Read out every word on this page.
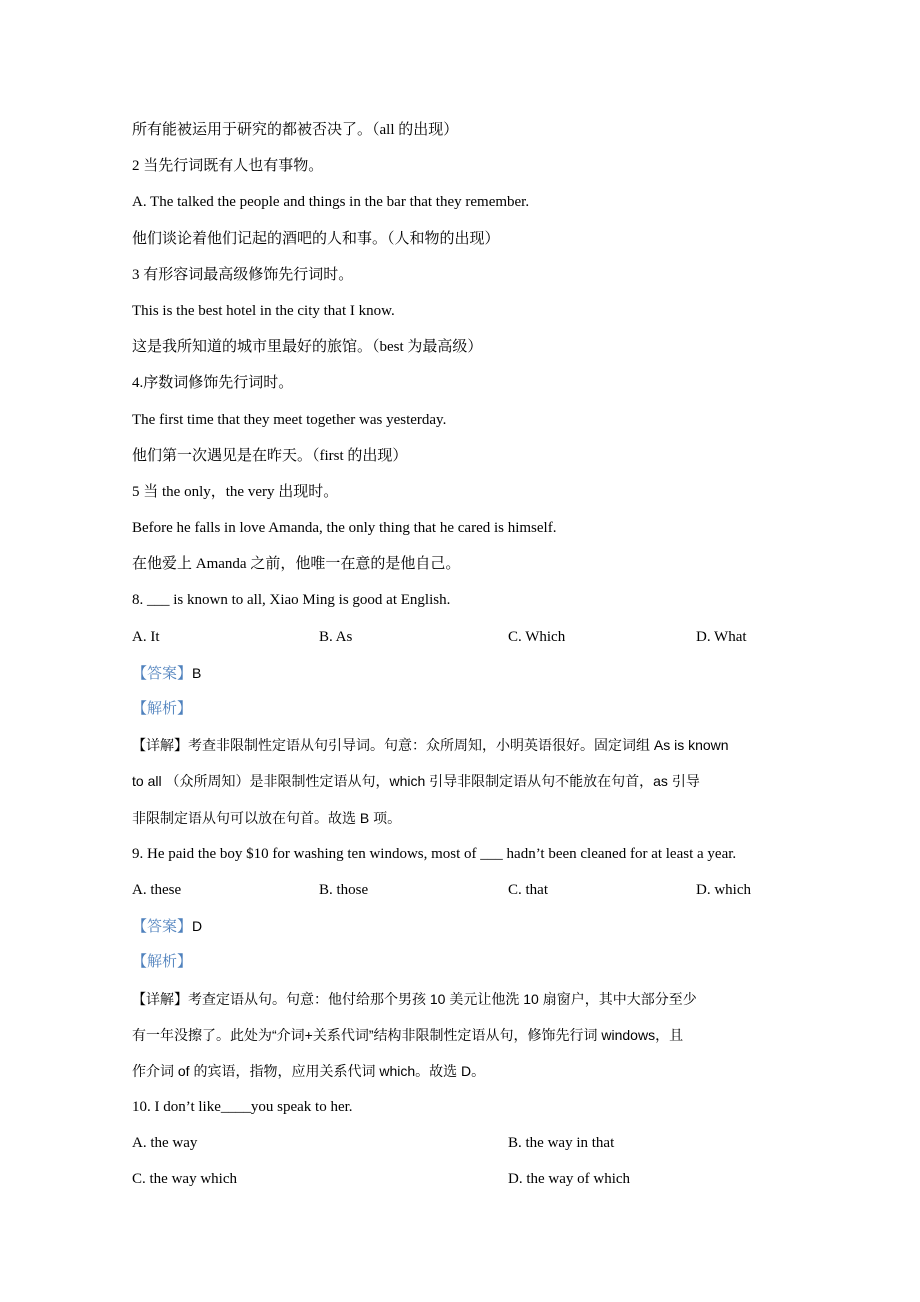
所有能被运用于研究的都被否决了。（all 的出现）
2 当先行词既有人也有事物。
A. The talked the people and things in the bar that they remember.
他们谈论着他们记起的酒吧的人和事。（人和物的出现）
3 有形容词最高级修饰先行词时。
This is the best hotel in the city that I know.
这是我所知道的城市里最好的旅馆。（best 为最高级）
4.序数词修饰先行词时。
The first time that they meet together was yesterday.
他们第一次遇见是在昨天。（first 的出现）
5 当 the only，the very 出现时。
Before he falls in love Amanda, the only thing that he cared is himself.
在他爱上 Amanda 之前，他唯一在意的是他自己。
8. ___ is known to all, Xiao Ming is good at English.
A. It	B. As	C. Which	D. What
【答案】B
【解析】
【详解】考查非限制性定语从句引导词。句意：众所周知，小明英语很好。固定词组 As is known
to all （众所周知）是非限制性定语从句，which 引导非限制定语从句不能放在句首，as 引导
非限制定语从句可以放在句首。故选 B 项。
9. He paid the boy $10 for washing ten windows, most of ___ hadn’t been cleaned for at least a year.
A. these	B. those	C. that	D. which
【答案】D
【解析】
【详解】考查定语从句。句意：他付给那个男孩 10 美元让他洗 10 扇窗户，其中大部分至少
有一年没擦了。此处为“介词+关系代词”结构非限制性定语从句，修饰先行词 windows，且
作介词 of 的宾语，指物，应用关系代词 which。故选 D。
10. I don’t like____you speak to her.
A. the way	B. the way in that
C. the way which	D. the way of which
